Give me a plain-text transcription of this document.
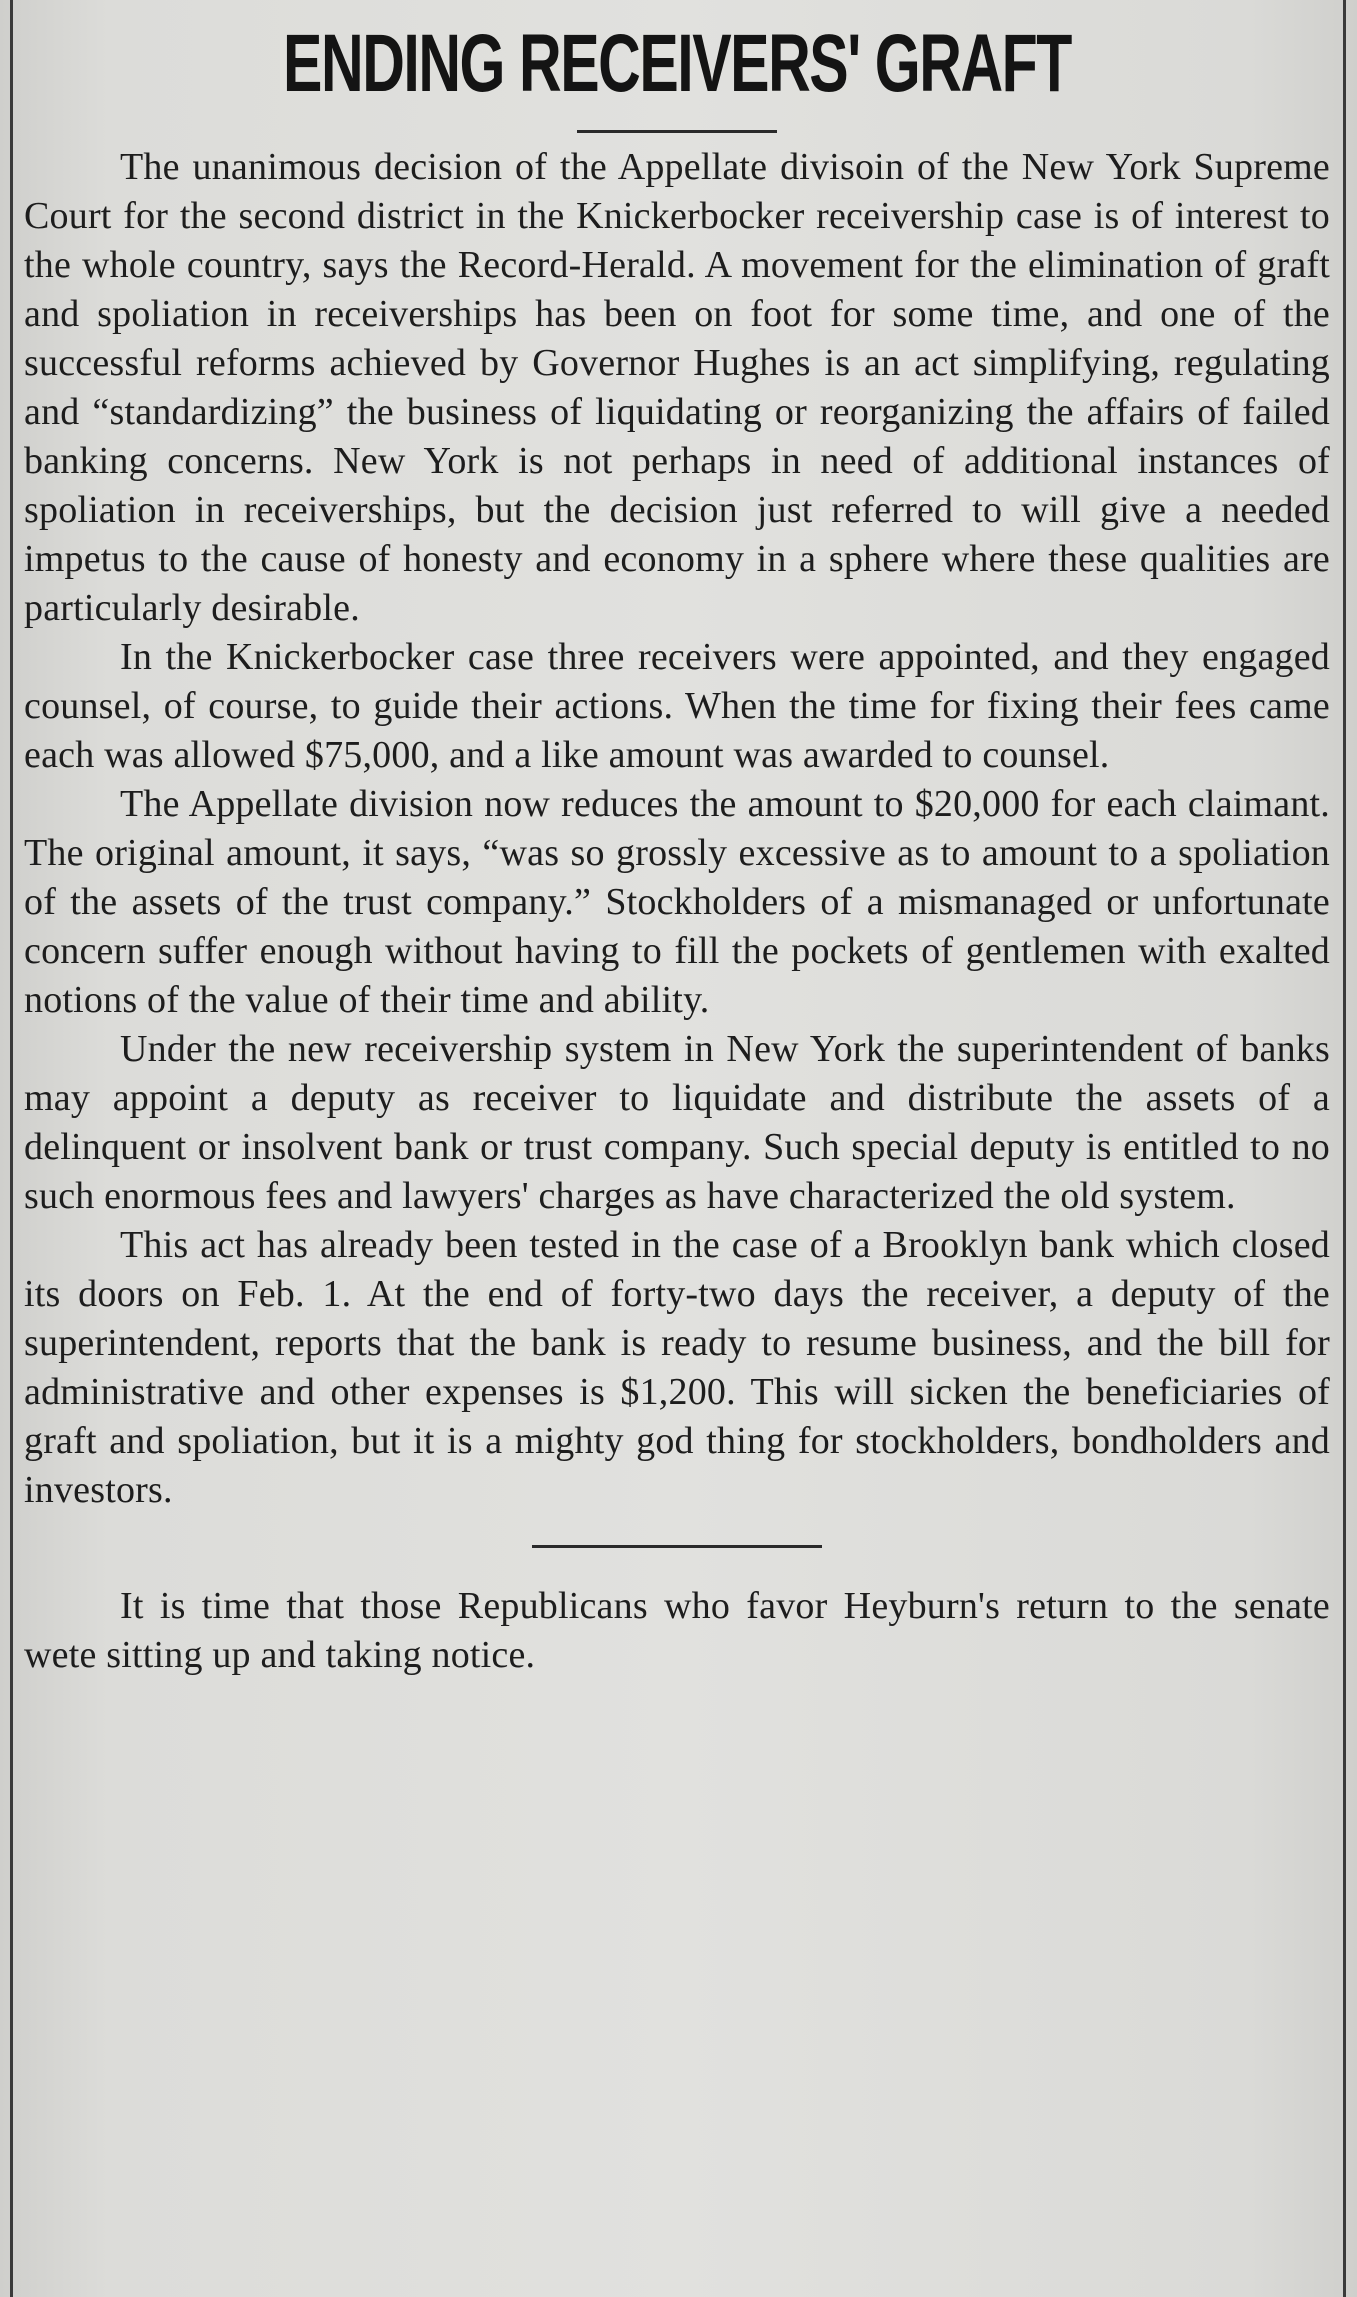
ENDING RECEIVERS' GRAFT

The unanimous decision of the Appellate divisoin of the New York Supreme Court for the second district in the Knickerbocker receivership case is of interest to the whole country, says the Record-Herald. A movement for the elimination of graft and spoliation in receiverships has been on foot for some time, and one of the successful reforms achieved by Governor Hughes is an act simplifying, regulating and “standardizing” the business of liquidating or reorganizing the affairs of failed banking concerns. New York is not perhaps in need of additional instances of spoliation in receiverships, but the decision just referred to will give a needed impetus to the cause of honesty and economy in a sphere where these qualities are particularly desirable.

In the Knickerbocker case three receivers were appointed, and they engaged counsel, of course, to guide their actions. When the time for fixing their fees came each was allowed $75,000, and a like amount was awarded to counsel.

The Appellate division now reduces the amount to $20,000 for each claimant. The original amount, it says, “was so grossly excessive as to amount to a spoliation of the assets of the trust company.” Stockholders of a mismanaged or unfortunate concern suffer enough without having to fill the pockets of gentlemen with exalted notions of the value of their time and ability.

Under the new receivership system in New York the superintendent of banks may appoint a deputy as receiver to liquidate and distribute the assets of a delinquent or insolvent bank or trust company. Such special deputy is entitled to no such enormous fees and lawyers' charges as have characterized the old system.

This act has already been tested in the case of a Brooklyn bank which closed its doors on Feb. 1. At the end of forty-two days the receiver, a deputy of the superintendent, reports that the bank is ready to resume business, and the bill for administrative and other expenses is $1,200. This will sicken the beneficiaries of graft and spoliation, but it is a mighty god thing for stockholders, bondholders and investors.

It is time that those Republicans who favor Heyburn's return to the senate wete sitting up and taking notice.
